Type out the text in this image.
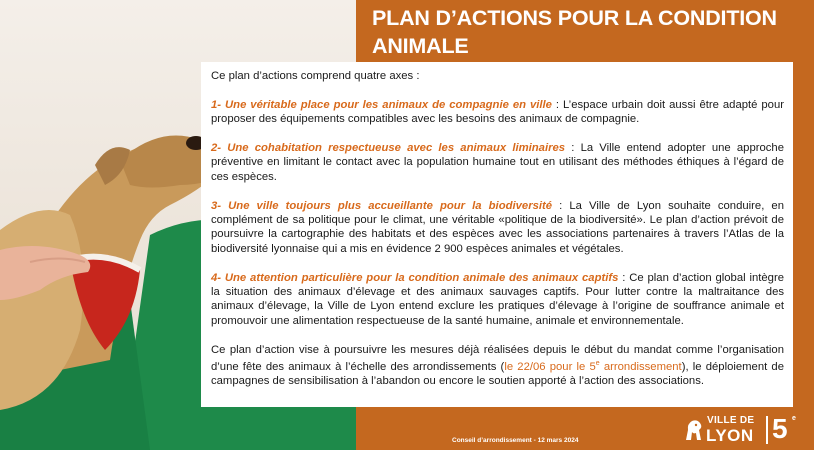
PLAN D’ACTIONS POUR LA CONDITION ANIMALE

Ce plan d’actions comprend quatre axes :

1- Une véritable place pour les animaux de compagnie en ville : L’espace urbain doit aussi être adapté pour proposer des équipements compatibles avec les besoins des animaux de compagnie.

2- Une cohabitation respectueuse avec les animaux liminaires : La Ville entend adopter une approche préventive en limitant le contact avec la population humaine tout en utilisant des méthodes éthiques à l’égard de ces espèces.

3- Une ville toujours plus accueillante pour la biodiversité : La Ville de Lyon souhaite conduire, en complément de sa politique pour le climat, une véritable «politique de la biodiversité». Le plan d’action prévoit de poursuivre la cartographie des habitats et des espèces avec les associations partenaires à travers l’Atlas de la biodiversité lyonnaise qui a mis en évidence 2 900 espèces animales et végétales.

4- Une attention particulière pour la condition animale des animaux captifs : Ce plan d’action global intègre la situation des animaux d’élevage et des animaux sauvages captifs. Pour lutter contre la maltraitance des animaux d’élevage, la Ville de Lyon entend exclure les pratiques d’élevage à l’origine de souffrance animale et promouvoir une alimentation respectueuse de la santé humaine, animale et environnementale.

Ce plan d’action vise à poursuivre les mesures déjà réalisées depuis le début du mandat comme l’organisation d’une fête des animaux à l’échelle des arrondissements (le 22/06 pour le 5e arrondissement), le déploiement de campagnes de sensibilisation à l’abandon ou encore le soutien apporté à l’action des associations.

Conseil d’arrondissement - 12 mars 2024
VILLE DE
LYON 5 e
